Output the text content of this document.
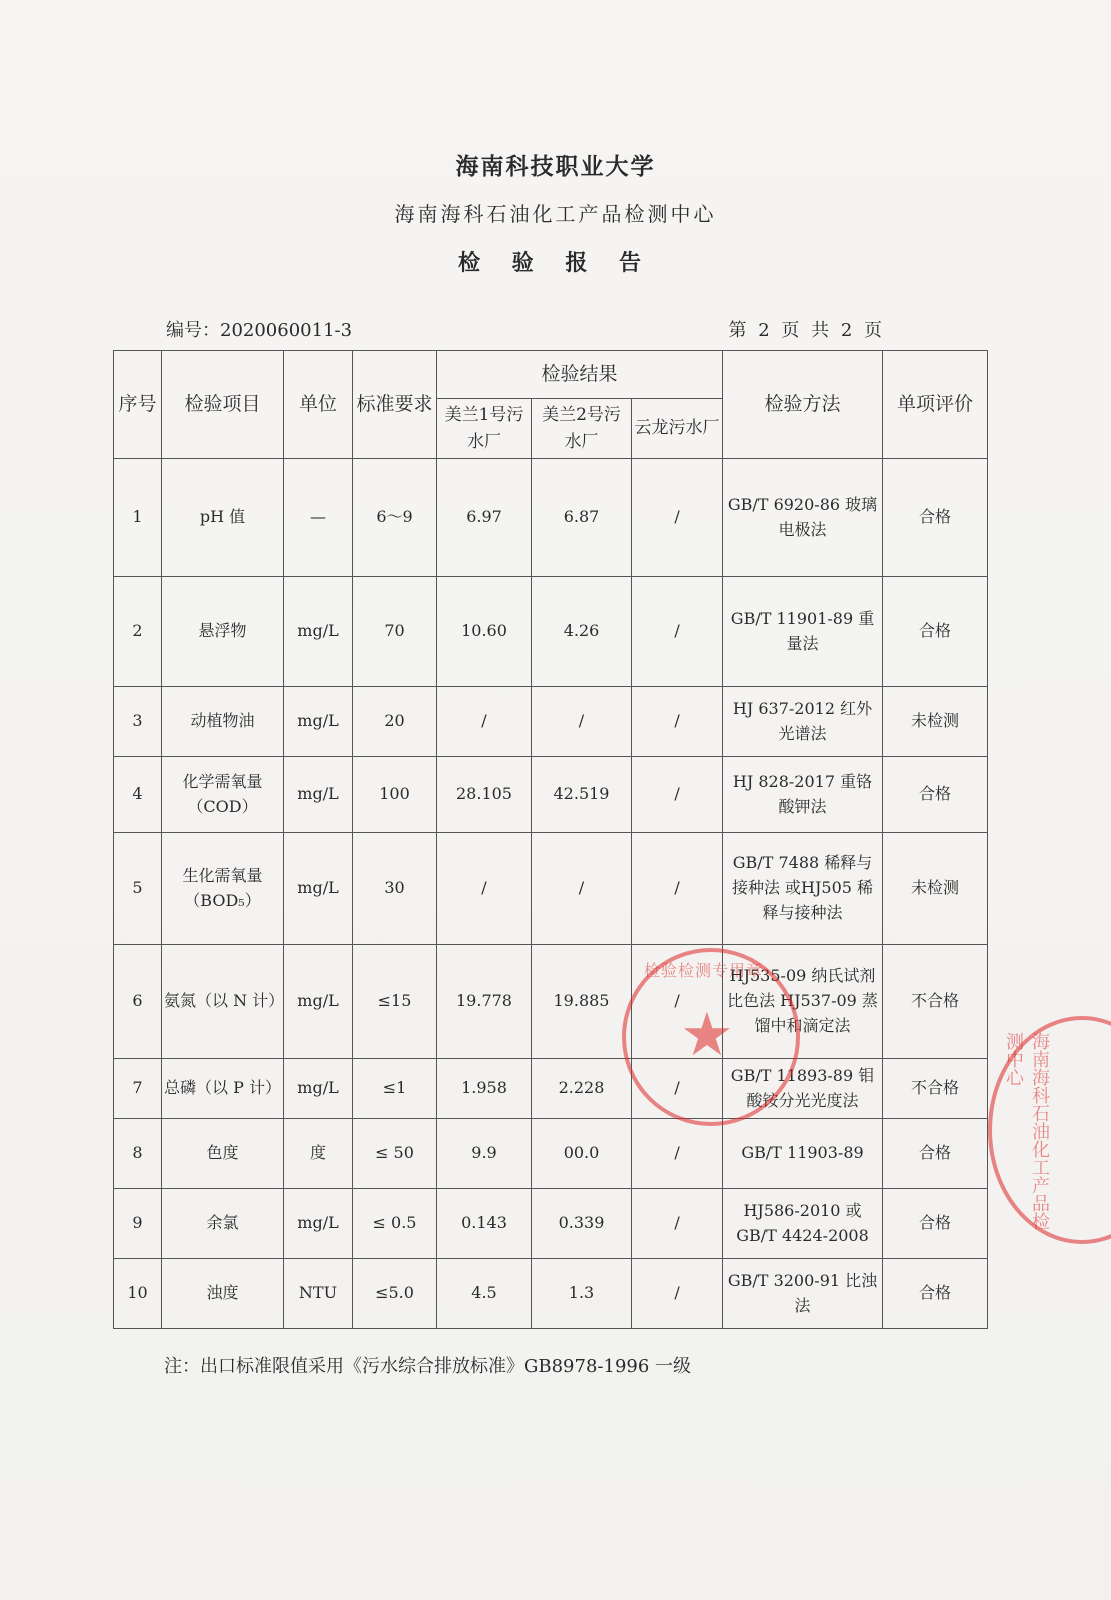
海南科技职业大学
海南海科石油化工产品检测中心
检 验 报 告
编号：2020060011-3	第 2 页 共 2 页
序号	检验项目	单位	标准要求	检验结果			检验方法	单项评价
				美兰1号污水厂	美兰2号污水厂	云龙污水厂		
1	pH 值	—	6～9	6.97	6.87	/	GB/T 6920-86 玻璃电极法	合格
2	悬浮物	mg/L	70	10.60	4.26	/	GB/T 11901-89 重量法	合格
3	动植物油	mg/L	20	/	/	/	HJ 637-2012 红外光谱法	未检测
4	化学需氧量（COD）	mg/L	100	28.105	42.519	/	HJ 828-2017 重铬酸钾法	合格
5	生化需氧量（BOD₅）	mg/L	30	/	/	/	GB/T 7488 稀释与接种法 或HJ505 稀释与接种法	未检测
6	氨氮（以 N 计）	mg/L	≤15	19.778	19.885	/	HJ535-09 纳氏试剂比色法 HJ537-09 蒸馏中和滴定法	不合格
7	总磷（以 P 计）	mg/L	≤1	1.958	2.228	/	GB/T 11893-89 钼酸铵分光光度法	不合格
8	色度	度	≤ 50	9.9	00.0	/	GB/T 11903-89	合格
9	余氯	mg/L	≤ 0.5	0.143	0.339	/	HJ586-2010 或 GB/T 4424-2008	合格
10	浊度	NTU	≤5.0	4.5	1.3	/	GB/T 3200-91 比浊法	合格
注：出口标准限值采用《污水综合排放标准》GB8978-1996 一级
检验检测专用章
★	海南海科石油化工产品检测中心
